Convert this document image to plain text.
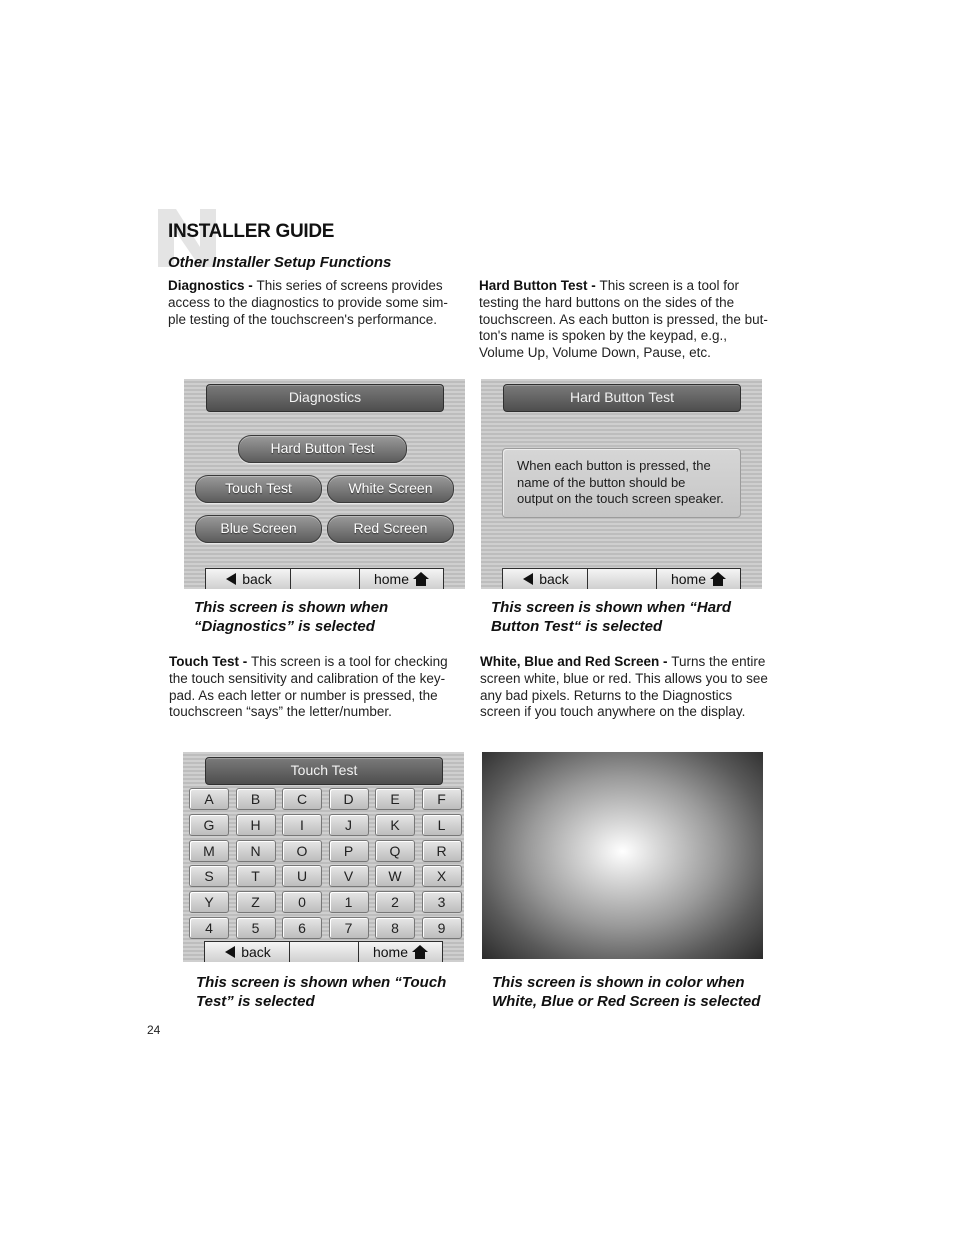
INSTALLER GUIDE
Other Installer Setup Functions
Diagnostics - This series of screens provides
access to the diagnostics to provide some sim-
ple testing of the touchscreen's performance.
Hard Button Test - This screen is a tool for
testing the hard buttons on the sides of the
touchscreen. As each button is pressed, the but-
ton's name is spoken by the keypad, e.g.,
Volume Up, Volume Down, Pause, etc.
Diagnostics
Hard Button Test
Touch Test	White Screen
Blue Screen	Red Screen
back	home
Hard Button Test
When each button is pressed, the
name of the button should be
output on the touch screen speaker.
back	home
This screen is shown when
“Diagnostics” is selected
This screen is shown when “Hard
Button Test“ is selected
Touch Test - This screen is a tool for checking
the touch sensitivity and calibration of the key-
pad. As each letter or number is pressed, the
touchscreen “says” the letter/number.
White, Blue and Red Screen - Turns the entire
screen white, blue or red. This allows you to see
any bad pixels. Returns to the Diagnostics
screen if you touch anywhere on the display.
Touch Test
A	B	C	D	E	F
G	H	I	J	K	L
M	N	O	P	Q	R
S	T	U	V	W	X
Y	Z	0	1	2	3
4	5	6	7	8	9
back	home
This screen is shown when “Touch
Test” is selected
This screen is shown in color when
White, Blue or Red Screen is selected
24
